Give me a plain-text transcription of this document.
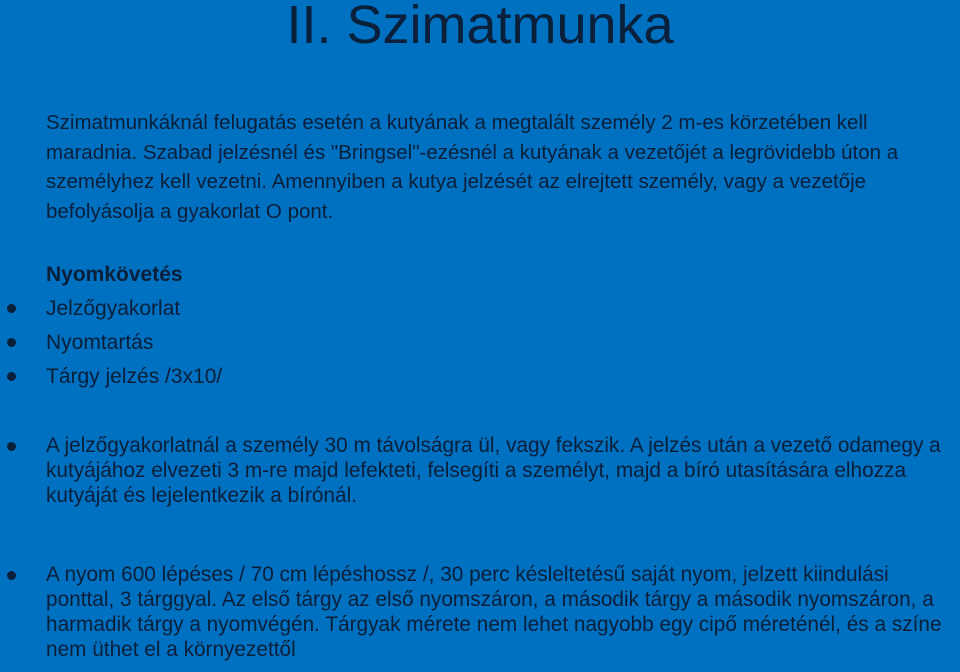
II. Szimatmunka

Szimatmunkáknál felugatás esetén a kutyának a megtalált személy 2 m-es körzetében kell maradnia. Szabad jelzésnél és "Bringsel"-ezésnél a kutyának a vezetőjét a legrövidebb úton a személyhez kell vezetni. Amennyiben a kutya jelzését az elrejtett személy, vagy a vezetője befolyásolja a gyakorlat O pont.

Nyomkövetés
Jelzőgyakorlat
Nyomtartás
Tárgy jelzés /3x10/

A jelzőgyakorlatnál a személy 30 m távolságra ül, vagy fekszik. A jelzés után a vezető odamegy a kutyájához elvezeti 3 m-re majd lefekteti, felsegíti a személyt, majd a bíró utasítására elhozza kutyáját és lejelentkezik a bírónál.

A nyom 600 lépéses / 70 cm lépéshossz /, 30 perc késleltetésű saját nyom, jelzett kiindulási ponttal, 3 tárggyal. Az első tárgy az első nyomszáron, a második tárgy a második nyomszáron, a harmadik tárgy a nyomvégén. Tárgyak mérete nem lehet nagyobb egy cipő méreténél, és a színe nem üthet el a környezettől
